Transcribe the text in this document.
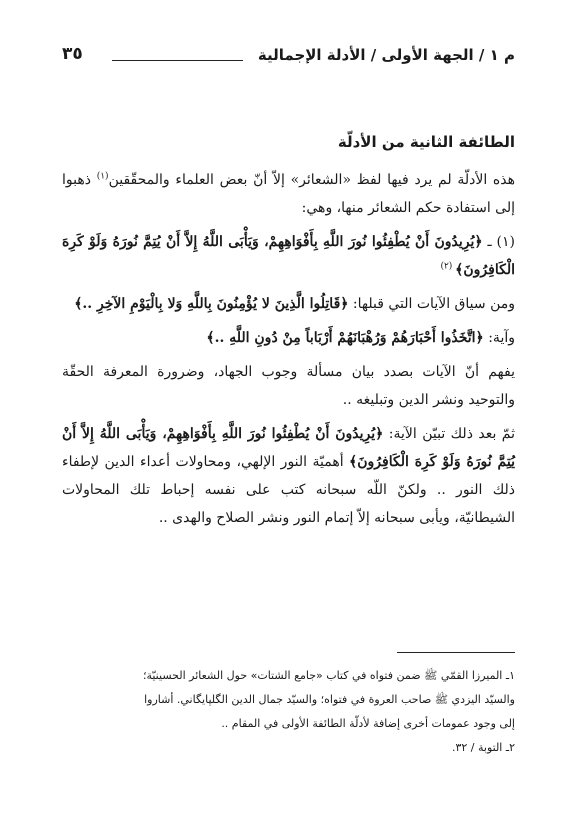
م ١ / الجهة الأولى / الأدلة الإجمالية
٣٥
الطائفة الثانية من الأدلّة

هذه الأدلّة لم يرد فيها لفظ «الشعائر» إلاّ أنّ بعض العلماء والمحقّقين$^{(١)}$ ذهبوا إلى استفادة حكم الشعائر منها، وهي:

(١) ـ ﴿يُرِيدُونَ أَنْ يُطْفِئُوا نُورَ اللَّهِ بِأَفْوَاهِهِمْ، وَيَأْبَى اللَّهُ إِلاَّ أَنْ يُتِمَّ نُورَهُ وَلَوْ كَرِهَ الْكَافِرُونَ﴾ $^{(٢)}$

ومن سياق الآيات التي قبلها: ﴿قَاتِلُوا الَّذِينَ لا يُؤْمِنُونَ بِاللَّهِ وَلا بِالْيَوْمِ الآخِرِ ..﴾

وآية: ﴿اتَّخَذُوا أَحْبَارَهُمْ وَرُهْبَانَهُمْ أَرْبَاباً مِنْ دُونِ اللَّهِ ..﴾

يفهم أنّ الآيات بصدد بيان مسألة وجوب الجهاد، وضرورة المعرفة الحقّة والتوحيد ونشر الدين وتبليغه ..

ثمّ بعد ذلك تبيّن الآية: ﴿يُرِيدُونَ أَنْ يُطْفِئُوا نُورَ اللَّهِ بِأَفْوَاهِهِمْ، وَيَأْبَى اللَّهُ إِلاَّ أَنْ يُتِمَّ نُورَهُ وَلَوْ كَرِهَ الْكَافِرُونَ﴾ أهميّة النور الإلهي، ومحاولات أعداء الدين لإطفاء ذلك النور .. ولكنّ اللّه سبحانه كتب على نفسه إحباط تلك المحاولات الشيطانيّة، ويأبى سبحانه إلاّ إتمام النور ونشر الصلاح والهدى ..

١ـ الميرزا القمّي ﷺ ضمن فتواه في كتاب «جامع الشتات» حول الشعائر الحسينيّة؛

والسيّد اليزدي ﷺ صاحب العروة في فتواه؛ والسيّد جمال الدين الگلپايگاني. أشاروا

إلى وجود عمومات أخرى إضافة لأدلّة الطائفة الأولى في المقام ..

٢ـ التوبة / ٣٢.
